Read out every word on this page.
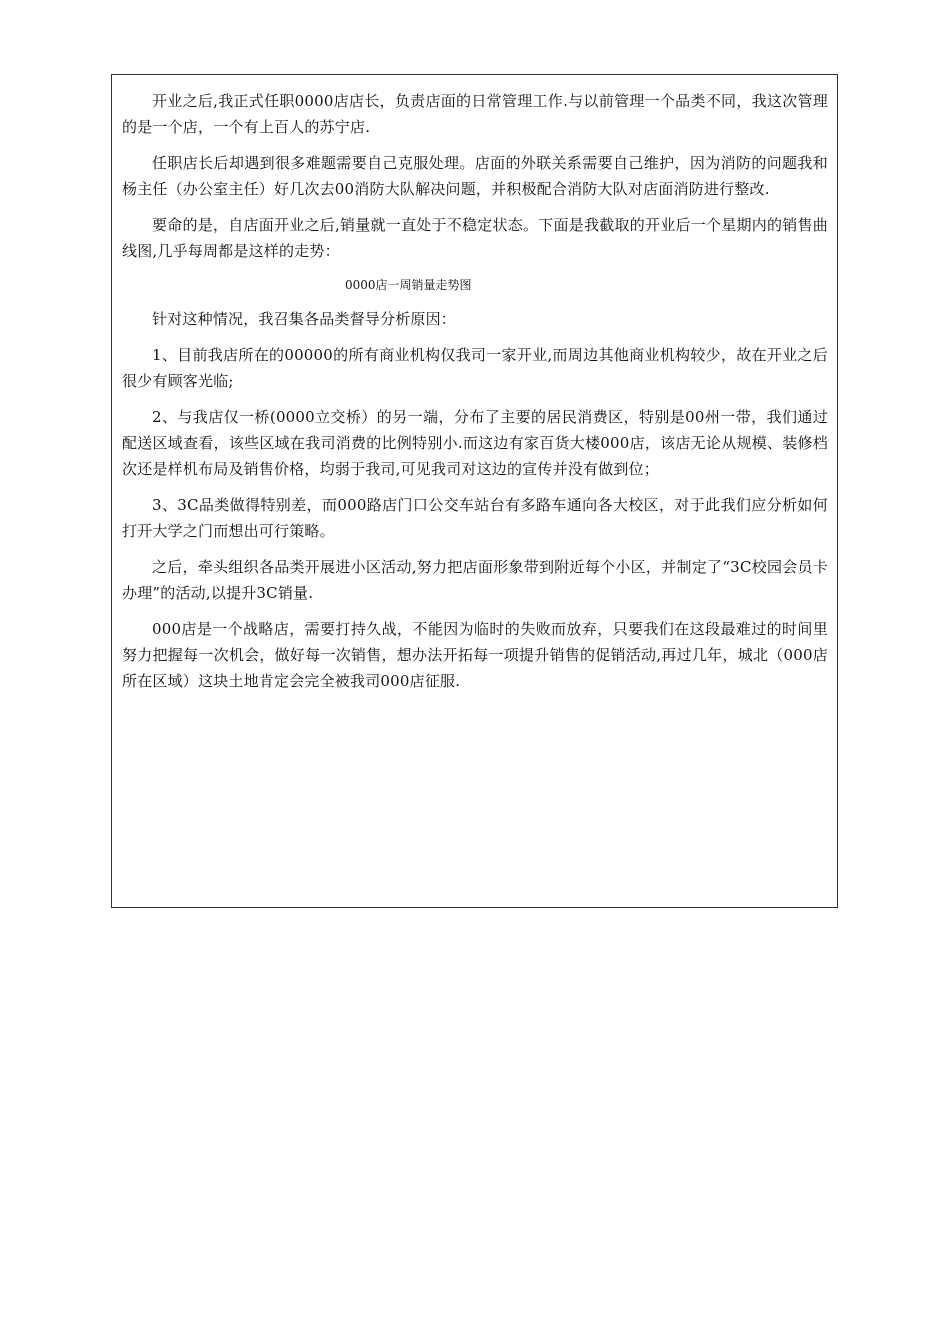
开业之后,我正式任职0000店店长，负责店面的日常管理工作.与以前管理一个品类不同，我这次管理的是一个店，一个有上百人的苏宁店.

任职店长后却遇到很多难题需要自己克服处理。店面的外联关系需要自己维护，因为消防的问题我和杨主任（办公室主任）好几次去00消防大队解决问题，并积极配合消防大队对店面消防进行整改.

要命的是，自店面开业之后,销量就一直处于不稳定状态。下面是我截取的开业后一个星期内的销售曲线图,几乎每周都是这样的走势：

0000店一周销量走势图

针对这种情况，我召集各品类督导分析原因：

1、目前我店所在的00000的所有商业机构仅我司一家开业,而周边其他商业机构较少，故在开业之后很少有顾客光临;

2、与我店仅一桥(0000立交桥）的另一端，分布了主要的居民消费区，特别是00州一带，我们通过配送区域查看，该些区域在我司消费的比例特别小.而这边有家百货大楼000店，该店无论从规模、装修档次还是样机布局及销售价格，均弱于我司,可见我司对这边的宣传并没有做到位；

3、3C品类做得特别差，而000路店门口公交车站台有多路车通向各大校区，对于此我们应分析如何打开大学之门而想出可行策略。

之后，牵头组织各品类开展进小区活动,努力把店面形象带到附近每个小区，并制定了“3C校园会员卡办理”的活动,以提升3C销量.

000店是一个战略店，需要打持久战，不能因为临时的失败而放弃，只要我们在这段最难过的时间里努力把握每一次机会，做好每一次销售，想办法开拓每一项提升销售的促销活动,再过几年，城北（000店所在区域）这块土地肯定会完全被我司000店征服.
